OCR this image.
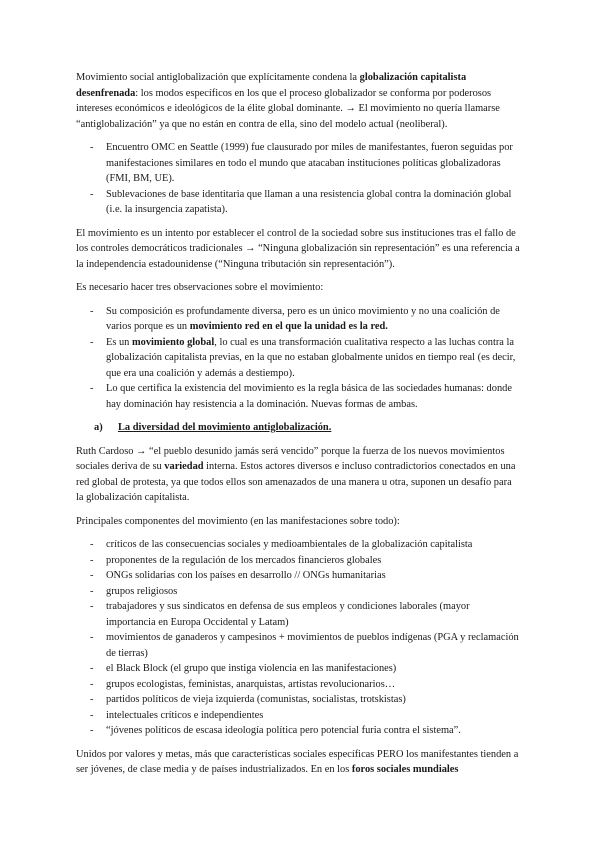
Movimiento social antiglobalización que explícitamente condena la globalización capitalista desenfrenada: los modos específicos en los que el proceso globalizador se conforma por poderosos intereses económicos e ideológicos de la élite global dominante. → El movimiento no quería llamarse “antiglobalización” ya que no están en contra de ella, sino del modelo actual (neoliberal).

- Encuentro OMC en Seattle (1999) fue clausurado por miles de manifestantes, fueron seguidas por manifestaciones similares en todo el mundo que atacaban instituciones políticas globalizadoras (FMI, BM, UE).
- Sublevaciones de base identitaria que llaman a una resistencia global contra la dominación global (i.e. la insurgencia zapatista).

El movimiento es un intento por establecer el control de la sociedad sobre sus instituciones tras el fallo de los controles democráticos tradicionales → “Ninguna globalización sin representación” es una referencia a la independencia estadounidense (“Ninguna tributación sin representación”).

Es necesario hacer tres observaciones sobre el movimiento:

- Su composición es profundamente diversa, pero es un único movimiento y no una coalición de varios porque es un movimiento red en el que la unidad es la red.
- Es un movimiento global, lo cual es una transformación cualitativa respecto a las luchas contra la globalización capitalista previas, en la que no estaban globalmente unidos en tiempo real (es decir, que era una coalición y además a destiempo).
- Lo que certifica la existencia del movimiento es la regla básica de las sociedades humanas: donde hay dominación hay resistencia a la dominación. Nuevas formas de ambas.
a) La diversidad del movimiento antiglobalización.

Ruth Cardoso → “el pueblo desunido jamás será vencido” porque la fuerza de los nuevos movimientos sociales deriva de su variedad interna. Estos actores diversos e incluso contradictorios conectados en una red global de protesta, ya que todos ellos son amenazados de una manera u otra, suponen un desafío para la globalización capitalista.

Principales componentes del movimiento (en las manifestaciones sobre todo):

- críticos de las consecuencias sociales y medioambientales de la globalización capitalista
- proponentes de la regulación de los mercados financieros globales
- ONGs solidarias con los países en desarrollo // ONGs humanitarias
- grupos religiosos
- trabajadores y sus sindicatos en defensa de sus empleos y condiciones laborales (mayor importancia en Europa Occidental y Latam)
- movimientos de ganaderos y campesinos + movimientos de pueblos indígenas (PGA y reclamación de tierras)
- el Black Block (el grupo que instiga violencia en las manifestaciones)
- grupos ecologistas, feministas, anarquistas, artistas revolucionarios…
- partidos políticos de vieja izquierda (comunistas, socialistas, trotskistas)
- intelectuales críticos e independientes
- “jóvenes políticos de escasa ideología política pero potencial furia contra el sistema”.

Unidos por valores y metas, más que características sociales específicas PERO los manifestantes tienden a ser jóvenes, de clase media y de países industrializados. En en los foros sociales mundiales
